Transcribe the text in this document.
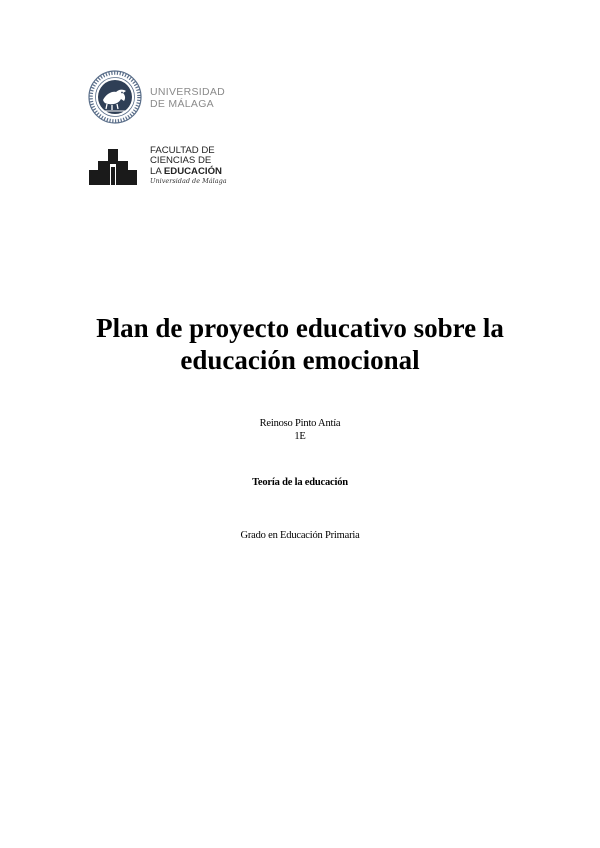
UNIVERSIDAD
DE MÁLAGA
FACULTAD DE
CIENCIAS DE
LA EDUCACIÓN
Universidad de Málaga
Plan de proyecto educativo sobre la
educación emocional
Reinoso Pinto Antía
1E
Teoría de la educación
Grado en Educación Primaria
